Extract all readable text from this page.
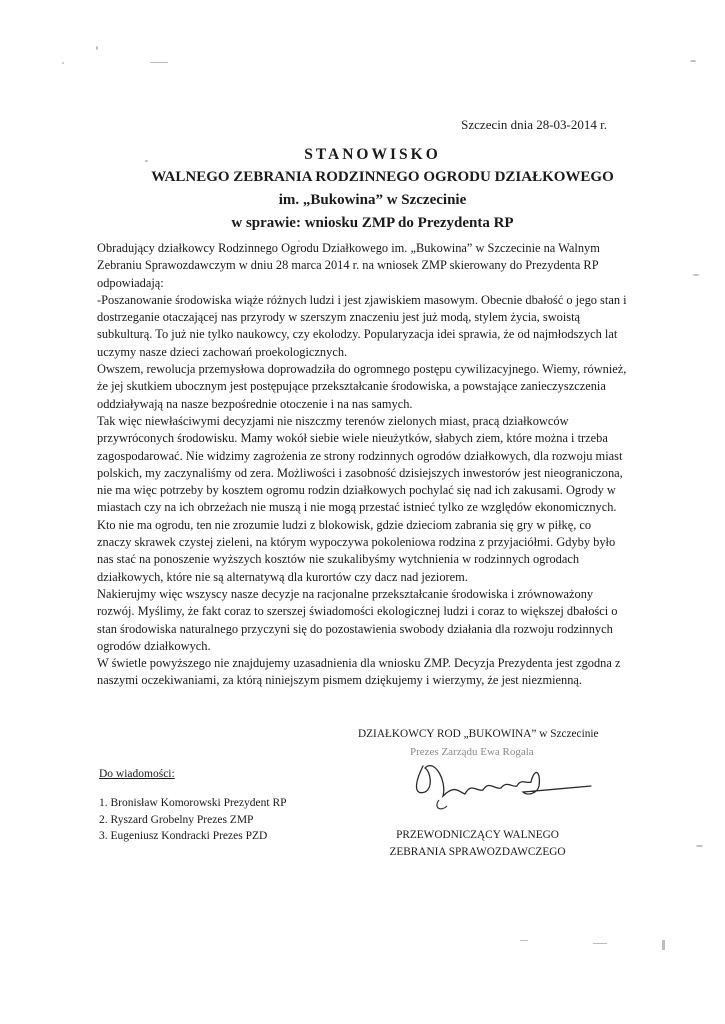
Szczecin dnia 28-03-2014 r.
STANOWISKO
WALNEGO ZEBRANIA RODZINNEGO OGRODU DZIAŁKOWEGO
im. „Bukowina” w Szczecinie
w sprawie: wniosku ZMP do Prezydenta RP

Obradujący działkowcy Rodzinnego Ogrodu Działkowego im. „Bukowina” w Szczecinie na Walnym Zebraniu Sprawozdawczym w dniu 28 marca 2014 r. na wniosek ZMP skierowany do Prezydenta RP odpowiadają:

-Poszanowanie środowiska wiąże różnych ludzi i jest zjawiskiem masowym. Obecnie dbałość o jego stan i dostrzeganie otaczającej nas przyrody w szerszym znaczeniu jest już modą, stylem życia, swoistą subkulturą. To już nie tylko naukowcy, czy ekolodzy. Popularyzacja idei sprawia, że od najmłodszych lat uczymy nasze dzieci zachowań proekologicznych.

Owszem, rewolucja przemysłowa doprowadziła do ogromnego postępu cywilizacyjnego. Wiemy, również, że jej skutkiem ubocznym jest postępujące przekształcanie środowiska, a powstające zanieczyszczenia oddziaływają na nasze bezpośrednie otoczenie i na nas samych.

Tak więc niewłaściwymi decyzjami nie niszczmy terenów zielonych miast, pracą działkowców przywróconych środowisku. Mamy wokół siebie wiele nieużytków, słabych ziem, które można i trzeba zagospodarować. Nie widzimy zagrożenia ze strony rodzinnych ogrodów działkowych, dla rozwoju miast polskich, my zaczynaliśmy od zera. Możliwości i zasobność dzisiejszych inwestorów jest nieograniczona, nie ma więc potrzeby by kosztem ogromu rodzin działkowych pochylać się nad ich zakusami. Ogrody w miastach czy na ich obrzeżach nie muszą i nie mogą przestać istnieć tylko ze względów ekonomicznych. Kto nie ma ogrodu, ten nie zrozumie ludzi z blokowisk, gdzie dzieciom zabrania się gry w piłkę, co znaczy skrawek czystej zieleni, na którym wypoczywa pokoleniowa rodzina z przyjaciółmi. Gdyby było nas stać na ponoszenie wyższych kosztów nie szukalibyśmy wytchnienia w rodzinnych ogrodach działkowych, które nie są alternatywą dla kurortów czy dacz nad jeziorem.

Nakierujmy więc wszyscy nasze decyzje na racjonalne przekształcanie środowiska i zrównoważony rozwój. Myślimy, że fakt coraz to szerszej świadomości ekologicznej ludzi i coraz to większej dbałości o stan środowiska naturalnego przyczyni się do pozostawienia swobody działania dla rozwoju rodzinnych ogrodów działkowych.

W świetle powyższego nie znajdujemy uzasadnienia dla wniosku ZMP. Decyzja Prezydenta jest zgodna z naszymi oczekiwaniami, za którą niniejszym pismem dziękujemy i wierzymy, że jest niezmienną.

DZIAŁKOWCY ROD „BUKOWINA” w Szczecinie
Prezes Zarządu Ewa Rogala
PRZEWODNICZĄCY WALNEGO ZEBRANIA SPRAWOZDAWCZEGO
Do wiadomości:
1. Bronisław Komorowski Prezydent RP
2. Ryszard Grobelny Prezes ZMP
3. Eugeniusz Kondracki Prezes PZD
